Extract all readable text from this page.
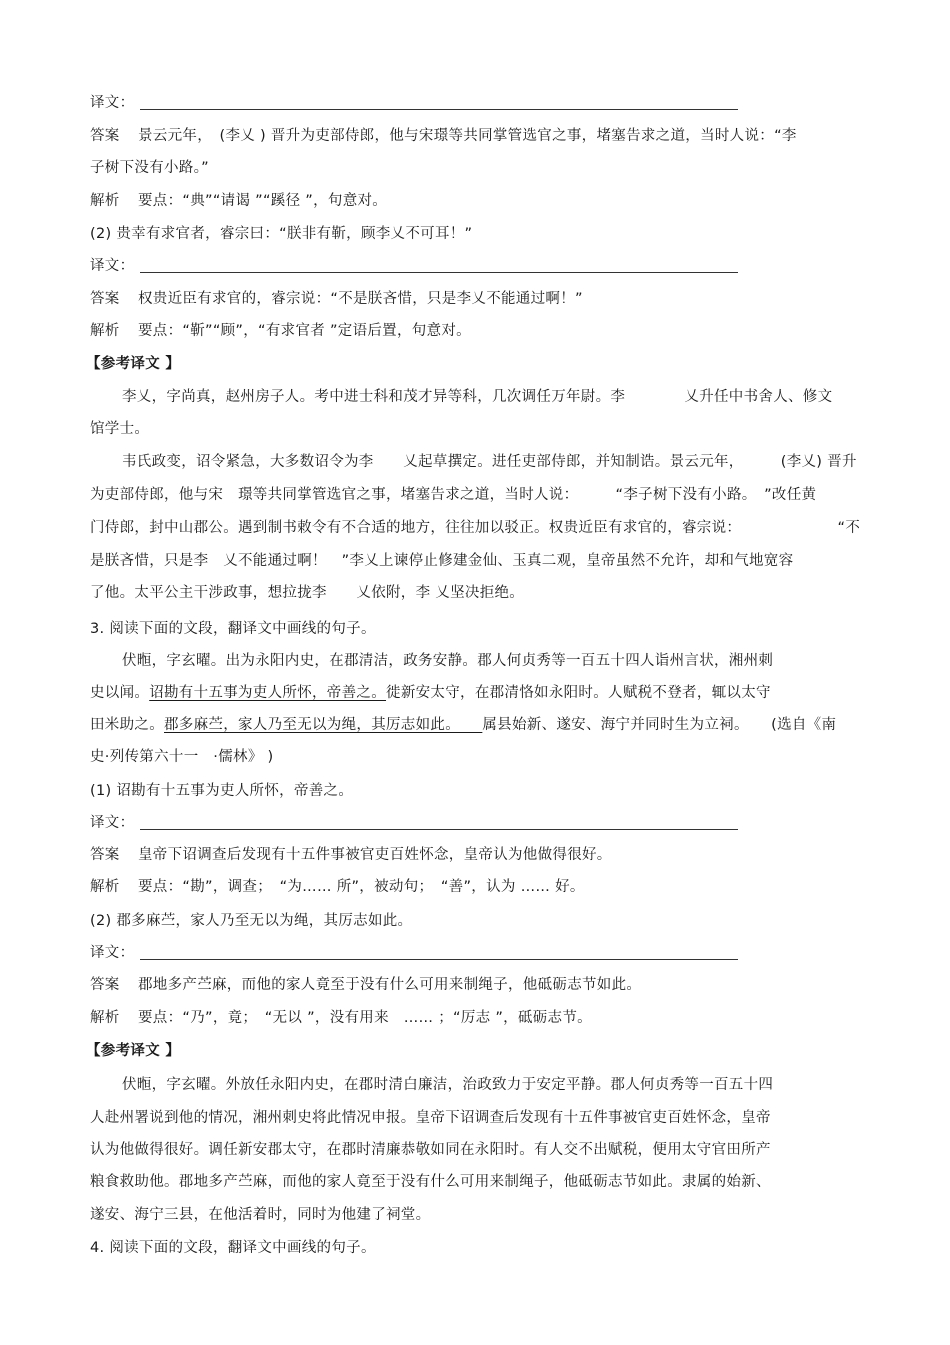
译文：
答案 景云元年，　(李乂 ) 晋升为吏部侍郎，他与宋璟等共同掌管选官之事，堵塞告求之道，当时人说：“李
子树下没有小路。”
解析 要点：“典”“请谒 ”“蹊径 ”，句意对。
(2) 贵幸有求官者，睿宗曰：“朕非有靳，顾李乂不可耳！”
译文：
答案 权贵近臣有求官的，睿宗说：“不是朕吝惜，只是李乂不能通过啊！”
解析 要点：“靳”“顾”，“有求官者 ”定语后置，句意对。
【参考译文 】
李乂，字尚真，赵州房子人。考中进士科和茂才异等科，几次调任万年尉。李　　　　乂升任中书舍人、修文
馆学士。
韦氏政变，诏令紧急，大多数诏令为李　　乂起草撰定。进任吏部侍郎，并知制诰。景云元年，　　　(李乂) 晋升
为吏部侍郎，他与宋　璟等共同掌管选官之事，堵塞告求之道，当时人说：　　　“李子树下没有小路。　”改任黄
门侍郎，封中山郡公。遇到制书敕令有不合适的地方，往往加以驳正。权贵近臣有求官的，睿宗说：　　　　　　　“不
是朕吝惜，只是李　乂不能通过啊！　”李乂上谏停止修建金仙、玉真二观，皇帝虽然不允许，却和气地宽容
了他。太平公主干涉政事，想拉拢李　　乂依附，李 乂坚决拒绝。
3. 阅读下面的文段，翻译文中画线的句子。
伏暅，字玄曜。出为永阳内史，在郡清洁，政务安静。郡人何贞秀等一百五十四人诣州言状，湘州刺
史以闻。诏勘有十五事为吏人所怀，帝善之。徙新安太守，在郡清恪如永阳时。人赋税不登者，辄以太守
田米助之。郡多麻苎，家人乃至无以为绳，其厉志如此。　　属县始新、遂安、海宁并同时生为立祠。　　(选自《南
史·列传第六十一　·儒林》 )
(1) 诏勘有十五事为吏人所怀，帝善之。
译文：
答案 皇帝下诏调查后发现有十五件事被官吏百姓怀念，皇帝认为他做得很好。
解析 要点：“勘”，调查；　“为…… 所”，被动句；　“善”，认为 …… 好。
(2) 郡多麻苎，家人乃至无以为绳，其厉志如此。
译文：
答案 郡地多产苎麻，而他的家人竟至于没有什么可用来制绳子，他砥砺志节如此。
解析 要点：“乃”，竟；　“无以 ”，没有用来　…… ；“厉志 ”，砥砺志节。
【参考译文 】
伏暅，字玄曜。外放任永阳内史，在郡时清白廉洁，治政致力于安定平静。郡人何贞秀等一百五十四
人赴州署说到他的情况，湘州刺史将此情况申报。皇帝下诏调查后发现有十五件事被官吏百姓怀念，皇帝
认为他做得很好。调任新安郡太守，在郡时清廉恭敬如同在永阳时。有人交不出赋税，便用太守官田所产
粮食救助他。郡地多产苎麻，而他的家人竟至于没有什么可用来制绳子，他砥砺志节如此。隶属的始新、
遂安、海宁三县，在他活着时，同时为他建了祠堂。
4. 阅读下面的文段，翻译文中画线的句子。
